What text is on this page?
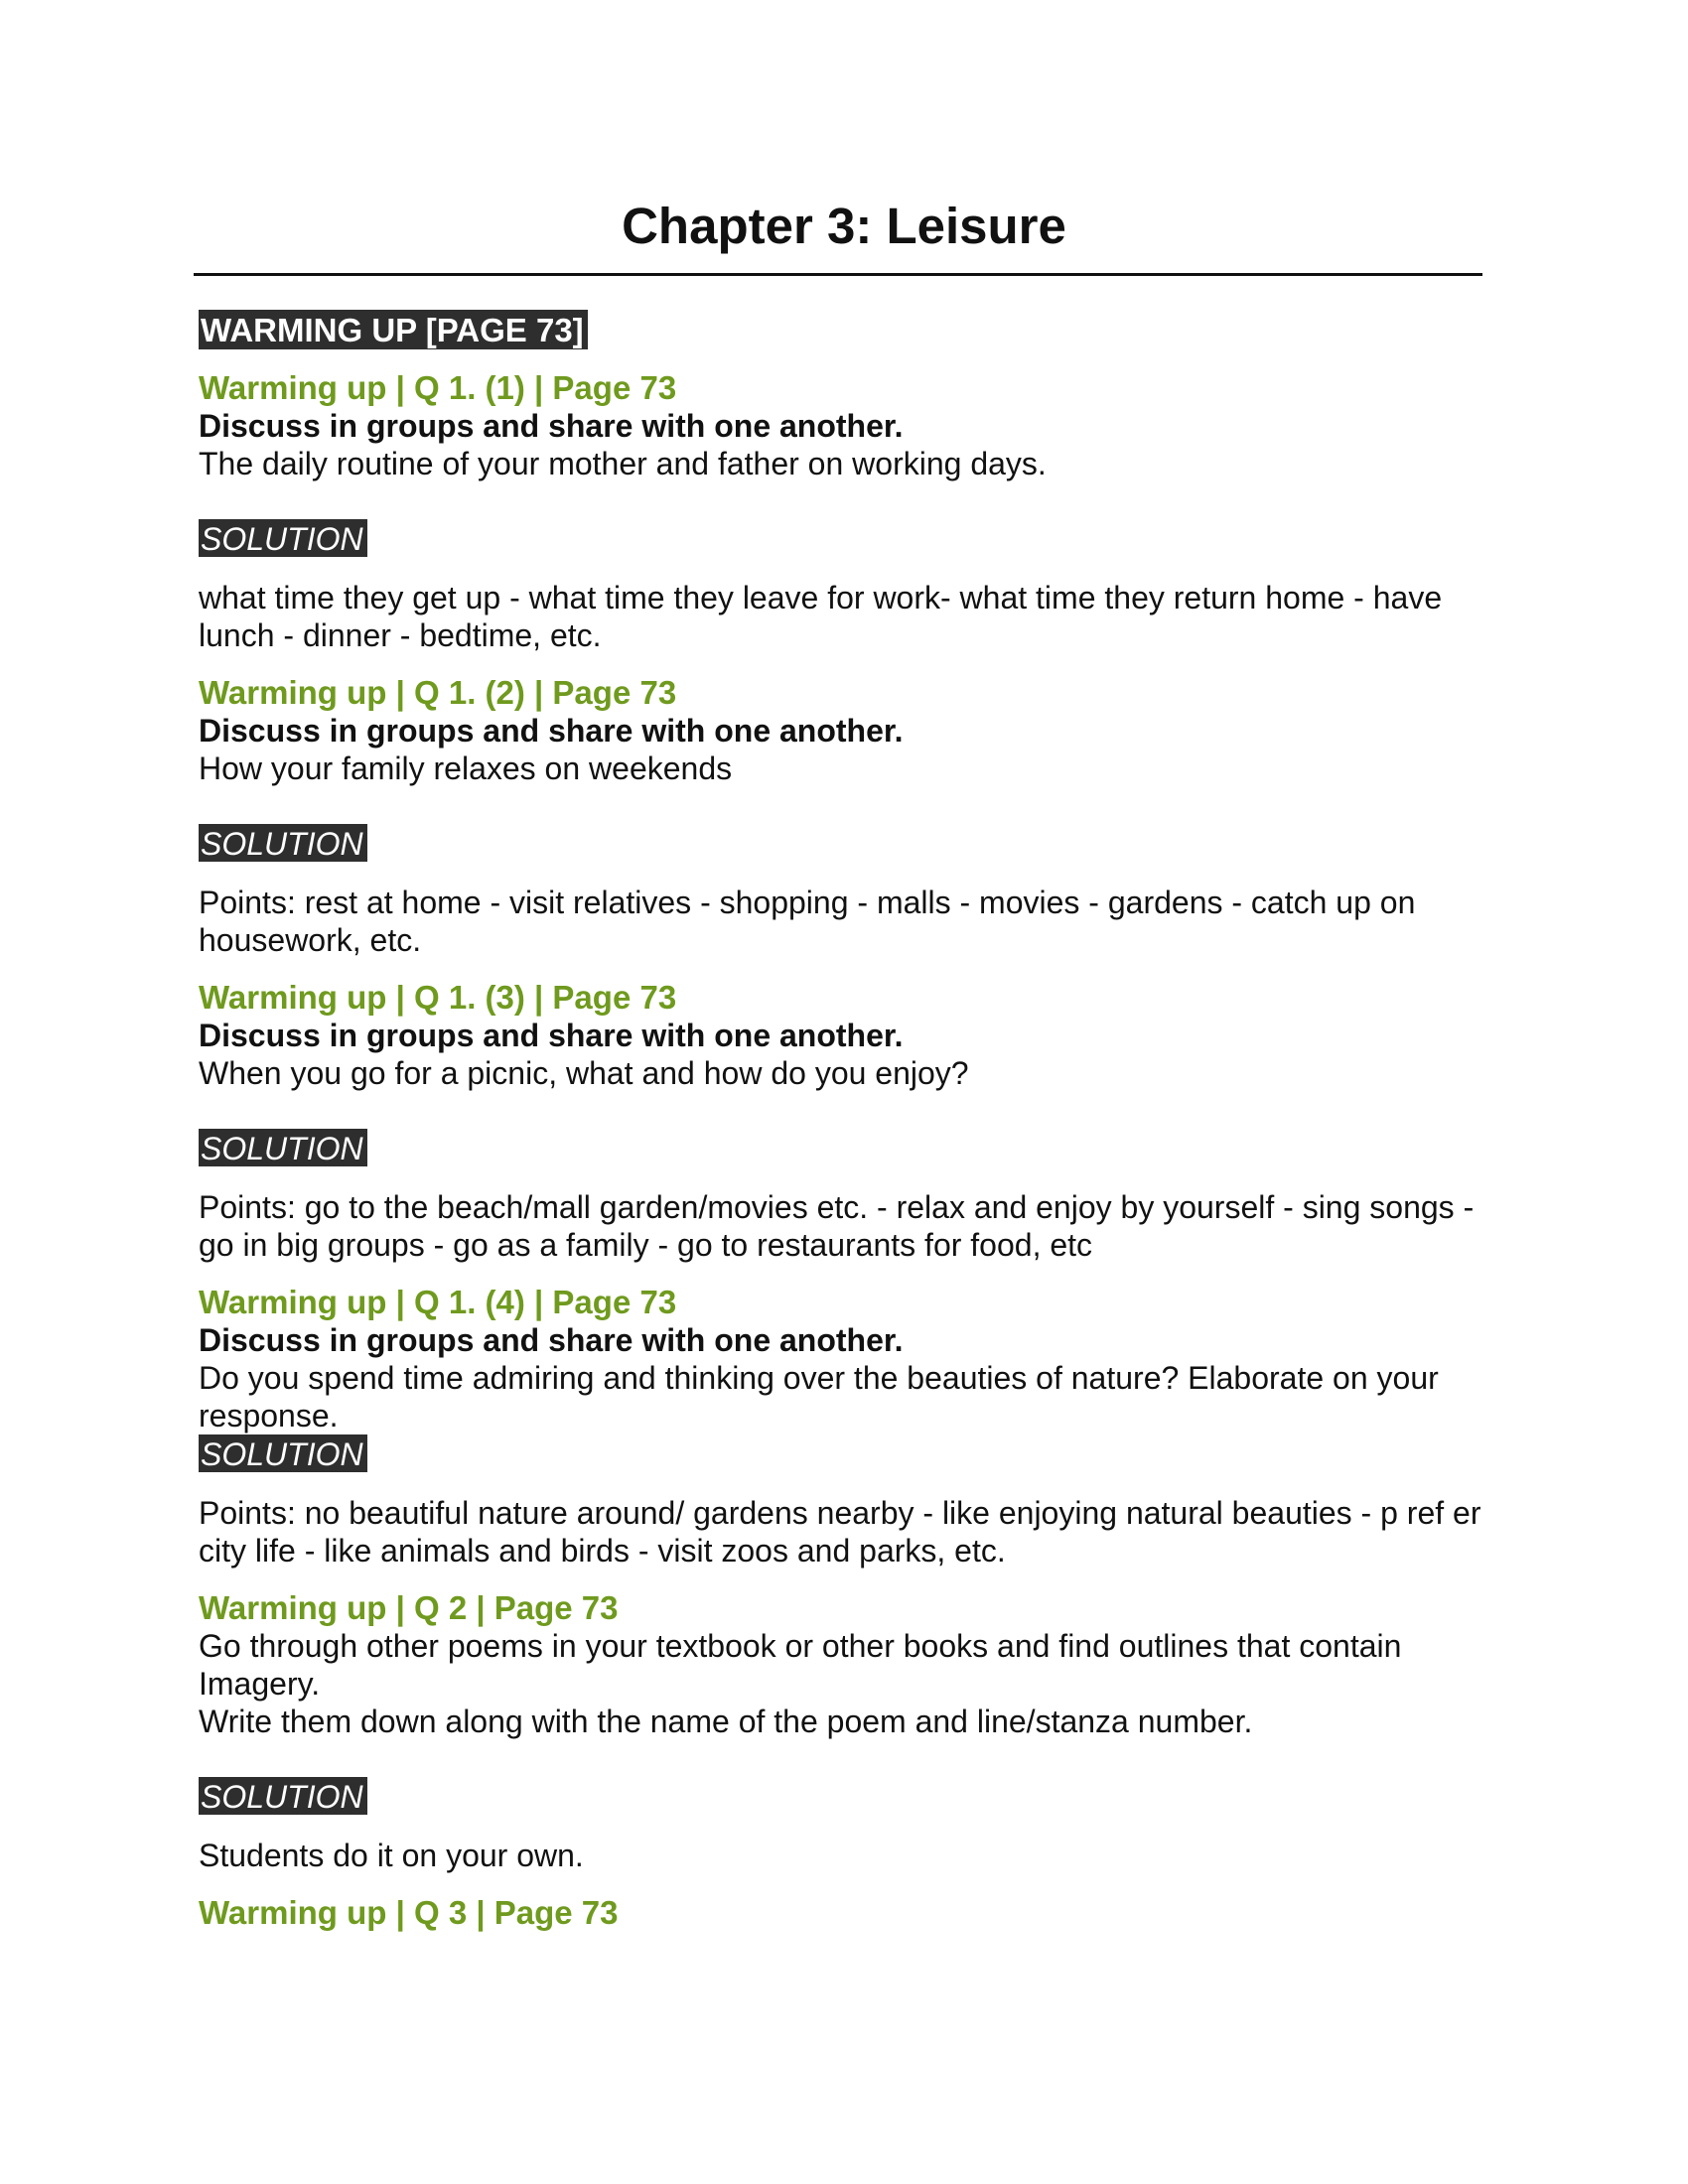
Chapter 3: Leisure
WARMING UP [PAGE 73]

Warming up | Q 1. (1) | Page 73

Discuss in groups and share with one another.

The daily routine of your mother and father on working days.

SOLUTION

what time they get up - what time they leave for work- what time they return home - have lunch - dinner - bedtime, etc.

Warming up | Q 1. (2) | Page 73

Discuss in groups and share with one another.

How your family relaxes on weekends

SOLUTION

Points: rest at home - visit relatives - shopping - malls - movies - gardens - catch up on housework, etc.

Warming up | Q 1. (3) | Page 73

Discuss in groups and share with one another.

When you go for a picnic, what and how do you enjoy?

SOLUTION

Points: go to the beach/mall garden/movies etc. - relax and enjoy by yourself - sing songs - go in big groups - go as a family - go to restaurants for food, etc

Warming up | Q 1. (4) | Page 73

Discuss in groups and share with one another.

Do you spend time admiring and thinking over the beauties of nature? Elaborate on your response.

SOLUTION

Points: no beautiful nature around/ gardens nearby - like enjoying natural beauties - p ref er city life - like animals and birds - visit zoos and parks, etc.

Warming up | Q 2 | Page 73

Go through other poems in your textbook or other books and find outlines that contain Imagery.

Write them down along with the name of the poem and line/stanza number.

SOLUTION

Students do it on your own.

Warming up | Q 3 | Page 73
